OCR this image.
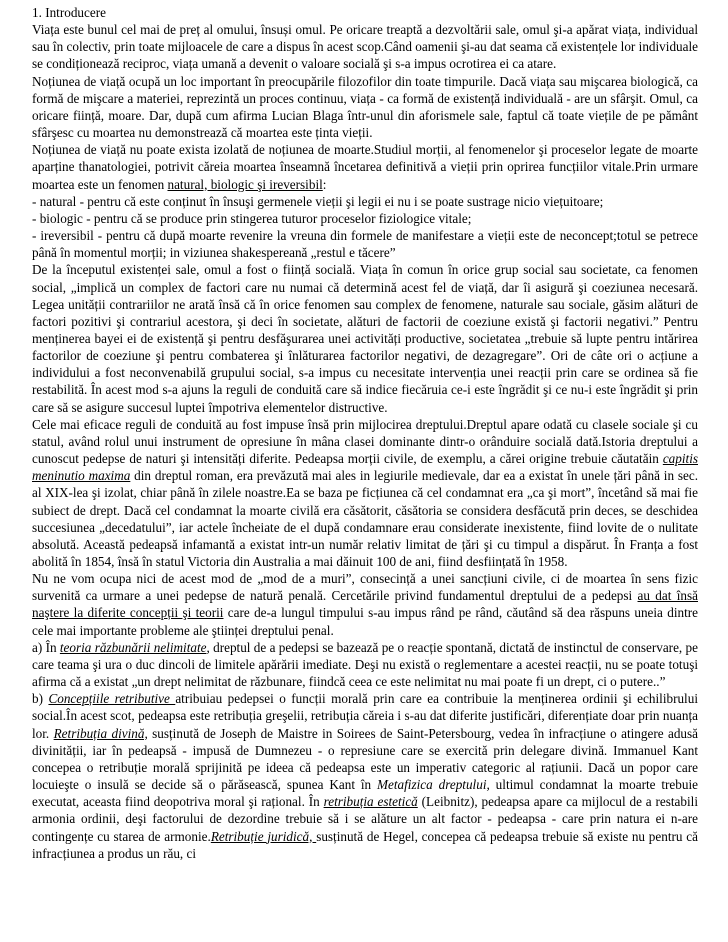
1. Introducere

Viața este bunul cel mai de preț al omului, însuși omul. Pe oricare treaptă a dezvoltării sale, omul şi-a apărat viața, individual sau în colectiv, prin toate mijloacele de care a dispus în acest scop.Când oamenii şi-au dat seama că existențele lor individuale se condiționează reciproc, viața umană a devenit o valoare socială şi s-a impus ocrotirea ei ca atare.

Noțiunea de viață ocupă un loc important în preocupările filozofilor din toate timpurile. Dacă viața sau mişcarea biologică, ca formă de mişcare a materiei, reprezintă un proces continuu, viața - ca formă de existență individuală - are un sfârşit. Omul, ca oricare ființă, moare. Dar, după cum afirma Lucian Blaga într-unul din aforismele sale, faptul că toate viețile de pe pământ sfârşesc cu moartea nu demonstrează că moartea este ținta vieții.

Noțiunea de viață nu poate exista izolată de noțiunea de moarte.Studiul morții, al fenomenelor şi proceselor legate de moarte aparține thanatologiei, potrivit căreia moartea înseamnă încetarea definitivă a vieții prin oprirea funcțiilor vitale.Prin urmare moartea este un fenomen natural, biologic şi ireversibil:

- natural - pentru că este conținut în însuşi germenele vieții şi legii ei nu i se poate sustrage nicio viețuitoare;

- biologic - pentru că se produce prin stingerea tuturor proceselor fiziologice vitale;

- ireversibil - pentru că după moarte revenire la vreuna din formele de manifestare a vieții este de neconcept;totul se petrece până în momentul morții; in viziunea shakespereană „restul e tăcere”

De la începutul existenței sale, omul a fost o ființă socială. Viața în comun în orice grup social sau societate, ca fenomen social, „implică un complex de factori care nu numai că determină acest fel de viață, dar îi asigură şi coeziunea necesară. Legea unității contrariilor ne arată însă că în orice fenomen sau complex de fenomene, naturale sau sociale, găsim alături de factori pozitivi şi contrariul acestora, şi deci în societate, alături de factorii de coeziune există şi factorii negativi.” Pentru menținerea bayei ei de existență şi pentru desfăşurarea unei activități productive, societatea „trebuie să lupte pentru intărirea factorilor de coeziune şi pentru combaterea şi înlăturarea factorilor negativi, de dezagregare”. Ori de câte ori o acțiune a individului a fost neconvenabilă grupului social, s-a impus cu necesitate intervenția unei reacții prin care se ordinea să fie restabilită. În acest mod s-a ajuns la reguli de conduită care să indice fiecăruia ce-i este îngrădit şi ce nu-i este îngrădit şi prin care să se asigure succesul luptei împotriva elementelor distructive.

Cele mai eficace reguli de conduită au fost impuse însă prin mijlocirea dreptului.Dreptul apare odată cu clasele sociale şi cu statul, având rolul unui instrument de opresiune în mâna clasei dominante dintr-o orânduire socială dată.Istoria dreptului a cunoscut pedepse de naturi şi intensități diferite. Pedeapsa morții civile, de exemplu, a cărei origine trebuie căutatăin capitis meninutio maxima din dreptul roman, era prevăzută mai ales in legiurile medievale, dar ea a existat în unele țări până in sec. al XIX-lea şi izolat, chiar până în zilele noastre.Ea se baza pe ficțiunea că cel condamnat era „ca şi mort”, încetând să mai fie subiect de drept. Dacă cel condamnat la moarte civilă era căsătorit, căsătoria se considera desfăcută prin deces, se deschidea succesiunea „decedatului”, iar actele încheiate de el după condamnare erau considerate inexistente, fiind lovite de o nulitate absolută. Această pedeapsă infamantă a existat intr-un număr relativ limitat de țări şi cu timpul a dispărut. În Franța a fost abolită în 1854, însă în statul Victoria din Australia a mai dăinuit 100 de ani, fiind desființată în 1958.

Nu ne vom ocupa nici de acest mod de „mod de a muri”, consecință a unei sancțiuni civile, ci de moartea în sens fizic survenită ca urmare a unei pedepse de natură penală. Cercetările privind fundamentul dreptului de a pedepsi au dat însă naştere la diferite concepții şi teorii care de-a lungul timpului s-au impus rând pe rând, căutând să dea răspuns uneia dintre cele mai importante probleme ale ştiinței dreptului penal.

a) În teoria răzbunării nelimitate, dreptul de a pedepsi se bazează pe o reacție spontană, dictată de instinctul de conservare, pe care teama şi ura o duc dincoli de limitele apărării imediate. Deşi nu există o reglementare a acestei reacții, nu se poate totuşi afirma că a existat „un drept nelimitat de răzbunare, fiindcă ceea ce este nelimitat nu mai poate fi un drept, ci o putere..”

b) Concepțiile retributive atribuiau pedepsei o funcții morală prin care ea contribuie la menținerea ordinii şi echilibrului social.În acest scot, pedeapsa este retribuția greşelii, retribuția căreia i s-au dat diferite justificări, diferențiate doar prin nuanța lor. Retribuția divină, susținută de Joseph de Maistre in Soirees de Saint-Petersbourg, vedea în infracțiune o atingere adusă divinității, iar în pedeapsă - impusă de Dumnezeu - o represiune care se exercită prin delegare divină. Immanuel Kant concepea o retribuție morală sprijinită pe ideea că pedeapsa este un imperativ categoric al rațiunii. Dacă un popor care locuieşte o insulă se decide să o părăsească, spunea Kant în Metafizica dreptului, ultimul condamnat la moarte trebuie executat, aceasta fiind deopotriva moral şi rațional. În retribuția estetică (Leibnitz), pedeapsa apare ca mijlocul de a restabili armonia ordinii, deşi factorului de dezordine trebuie să i se alăture un alt factor - pedeapsa - care prin natura ei n-are contingențe cu starea de armonie.Retribuție juridică, susținută de Hegel, concepea că pedeapsa trebuie să existe nu pentru că infracțiunea a produs un rău, ci
